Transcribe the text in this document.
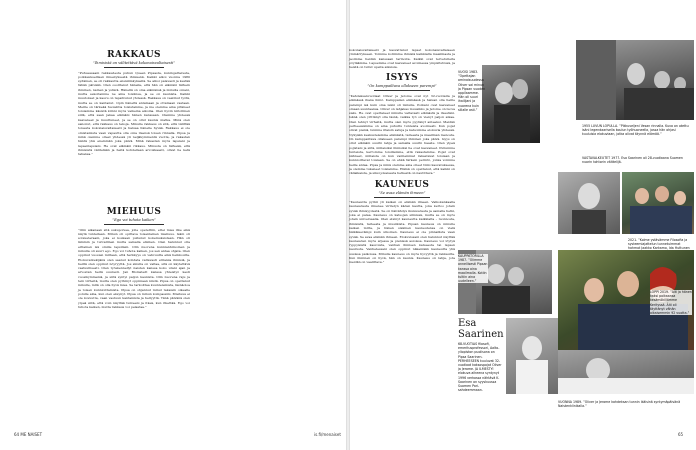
RAKKAUS
”Ihmisistä on välitettävä kokonaisvaltaisesti”

”Puhuessaani rakkaudesta puhun Queen Pipsasta, kuningattaresta, poikkeuksellisen ilmestyksestä ihmisenä. Kaikki alkoi vuonna 1980 sydämen, se oli rakkautta ensisilmäyksellä. Se alkoi palavasti ja kestää tähän päivään. Olen osoittanut hänelle, että hän on elämäni tärkein ihminen, nainen ja ystävä. Hänellä on oma elämänsä ja minulla omani, mutta sekoitamme ne aina toisiinsa, ja se on kaunista. Kaikki muutokset ja kasvu on tapahtunut yhdessä. Rakkaus on vaatinut työtä, mutta se on kantanut. Opin häneltä antamaan ja ottamaan vastaan. Meille on tärkeää huolehtia toisistamme, ja me olemme aina pitäneet toisiamme käsistä kiinni myös vaikeina aikoina. Olen hyvin kiitollinen siitä, että saan jakaa elämäni hänen kanssaan. Olemme yhdessä kasvaneet ja muuttuneet, ja se on ollut kaunis matka. Minä olen sanonut, että rakkaus on tekoja. Minulle rakkaus on sitä, että välittää toisesta kokonaisvaltaisesti ja haluaa hänelle hyvää. Rakkaus ei ole omistamista vaan vapautta olla oma itsensä toisen rinnalla. Pipsa ja minä olemme olleet yhdessä yli neljäkymmentä vuotta, ja rakastan häntä yhä enemmän joka päivä. Minä rakastan myös lapsiani ja lapsenlapsiani. He ovat elämäni rikkaus. Minusta on tärkeää, että ihmisistä välitetään ja heitä kohdellaan arvokkaasti, olivat he ketä tahansa.”

MIEHUUS
”Ego voi tuhota kaiken”

”Olin aikanaan sitä sukupolvea, jolle opetettiin, ettei mies itke eikä näytä tunteitaan. Minun oli opittava toisenlainen miehuus. Isäni oli sotaveteraani, joka ei koskaan puhunut kokemuksistaan. Hän oli lämmin ja turvallinen mutta samalla etäinen. Olen halunnut olla erilainen isä omille lapsilleni. Olin nuorena kunnianhimoinen ja minulla oli suuri ego. Ego voi tuhota kaiken, jos sen antaa ohjata. Olen oppinut vuosien mittaan, että herkkyys on vahvuutta eikä heikkoutta. Elokuvantekijänä olen saanut kohdata valtavasti erilaisia ihmisiä, ja heiltä olen oppinut nöyryyttä. Jos sinulla on valtaa, sitä on käytettävä vastuullisesti. Olen työskennellyt naisten kanssa koko urani ajan ja arvostan heitä suuresti. Jan Blomstedt kanssa yhteistyö kesti vuosikymmeniä, ja siitä syntyi paljon kaunista. Olin nuorena raju ja tein virheitä, mutta olen pyrkinyt oppimaan niistä. Pipsa on opettanut minulle, mitä on olla hyvä mies. Se tarkoittaa kuuntelemista, läsnäoloa ja toisen kunnioittamista. Pipsa on ohjannut minut takaisin oikealle polulle aina, kun olen eksynyt. Pipsa on minun kompassini. Miehuus ei ole kovuutta, vaan vastuun kantamista ja hellyyttä. Tänä päivänä olen ylpeä siitä, että voin näyttää tunteeni ja itkeä, kun itkettää. Ego voi tuhota kaiken, mutta rakkaus voi pelastaa.”

64 ME NAISET

kokonaisvaltaisesti ja kasvattanut lapset kokonaisvaltaiseen ymmärrykseen. Toimme kotiimme ihmisiä kaikkialta maailmasta ja jaoimme heidän kanssaan tarinoita. Kaikki ovat tervetulleita pöytäämme. Lapsemme ovat kasvaneet avoimessa ympäristössä, ja heistä on tullut upeita aikuisia.

ISYYS
”On kamppailtava ollakseen parempi”

”Kahdeksanvuotiaat Oliver ja Jerome ovat nyt 32-vuotiaita ja elämässä ihana ilmiö. Kamppailen elämässä ja haluan olla heille parempi isä kuin oma isäni oli minulle. Poikani ovat kasvaneet omaan suuntaansa. Oliver on lahjakas muusikko ja Jerome on luova sielu. He ovat opettaneet minulle valtavasti elämästä ja itsestäni. Isänä olen yrittänyt olla läsnä, vaikka työ on vienyt paljon aikaa. Olen tehnyt virheitä, mutta olen myös pyytänyt anteeksi. Meidän perheessämme on aina puhuttu tunteista avoimesti. Kun pojat olivat pieniä, luimme iltaisin satuja ja katsoimme elokuvia yhdessä. Nykyään keskustelemme elämästä, taiteesta ja maailman menosta. On kamppailtava ollakseen parempi ihminen joka päivä. Isyys on ollut elämäni suurin lahja ja samalla suurin haaste. Olen ylpeä pojistani ja siitä, millaisiksi ihmisiksi he ovat kasvaneet. Puhumme tunteista, kerromme toisillemme, että rakastamme. Pojat ovat nähneet, millaista on kun vanhemmat rakastavat toisiaan ja kunnioittavat toisiaan. Se on ehkä tärkein perintö, jonka voimme heille antaa. Pipsa ja minä olemme aina olleet tiimi kasvatuksessa, ja olemme tukeneet toisiamme. Elämä on opettanut, että kaikki on väliaikaista, ja siksi jokaisesta hetkestä on nautittava.”

KAUNEUS
”Se avaa elämän ihmeen”

”Kauneutta pyrkii yli kaiken on elämän ilmeen. Valkokankaalla kauneudesta ilmenee viritetyn käden kautta, joka kertoo jotain syvää ihmisyydestä. Se on häivähdys ikuisuudesta ja samalla hetki, joka ei palaa. Kauneus on katsojan silmissä, mutta se on myös jotain universaalia. Olen etsinyt kauneutta kaikkialta – luonnosta, ihmisistä, taiteesta ja musiikista. Pipsan kauneus on minulle kaiken mitta, ja hänen sisäinen kauneutensa on vielä häikäisevämpi kuin ulkoinen. Kauneus ei ole pinnallista vaan syvää. Se avaa elämän ihmeen. Elokuvissani olen halunnut näyttää kauneuden myös arjessa ja pienissä asioissa. Kauneus voi löytyä ryppyisistä kasvoista, vanhan ihmisen katseesta tai lapsen naurusta. Vanhetessani olen oppinut näkemään kauneutta yhä uusissa paikoissa. Minulle kauneus on myös hyvyyttä ja rakkautta. Kun ihminen on hyvä, hän on kaunis. Kauneus on lahja, jota meidän on vaalittava.”

VUOSI 1983. ”Opettajan ominaisuudessa Oliver sai minun ja Pipsan vuoden oppilaamme. Hän oli suuri ihailijani ja nuorena kuin sillalle asti.”
1955 LUVUN LOPULLA. ”Pikkuveljeni Vesan rinnalla. Kuva on otettu isäni legendaarisella koulun työhuoneella, jossa hän ohjasi kuuluisia elokuviaan, jotka olivat täynnä elämää.”
VASTAVALKEUTET 1977. Esa Saarinen oli 28-vuotiaana Suomen nuorin tohtorin väittelijä.
2021. ”Kolme ystävämme Filosofia ja systeemiajattelun tunnetuimmat hahmot Jaakko Karkamo, Ida Huttunen
KAUPPATORILLA 1987. ”Olimme onnellisesti Pipsan kanssa aina maailmalla. Kotiin tultiin aina uudelleen.”
LOPPI 2019. ”Äiti ja hänen kaksi poikaansa kesämökillämme Kerityssä. Äiti oli täyttänyt vähän aikaisemmin 92 vuotta.”
Esa
Saarinen
68-VUOTIAS filosofi, emeritusprofessori, Aalto-yliopiston puolisona on Pipsa Saarinen. PERHEESEEN kuuluvat 32-vuotiaat kaksospojat Oliver ja Jerome. JA ILMESTYI elokuva aiheena syntynyt 1996 verkossa nähtävä K. Saarinen on syyskuussa Suomen Pari-sahdeemmaan.
VUONNA 1989. ”Oliver ja Jerome kahdeksan tunnin ikäisinä syntymäpäivänä Naistenklinikalla.”
is.fi/menaiset	65
